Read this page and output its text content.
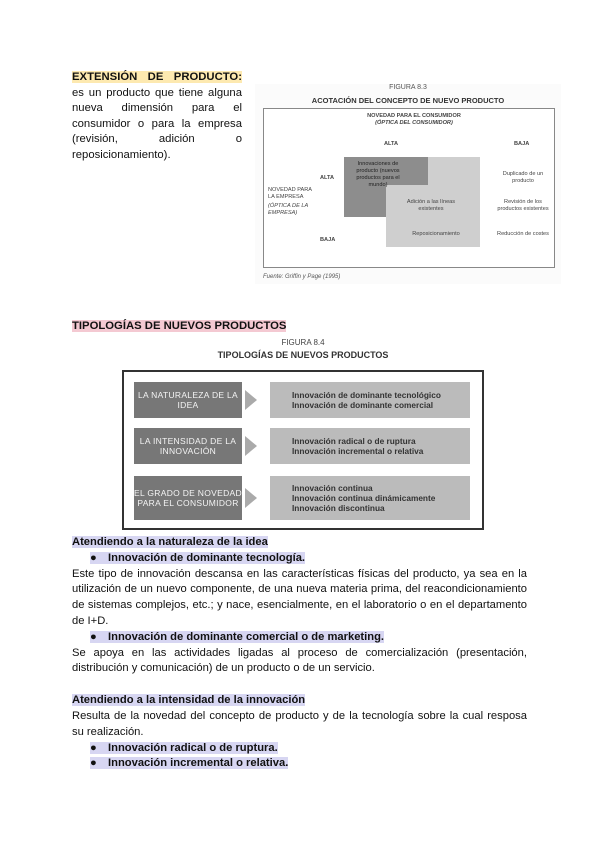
EXTENSIÓN DE PRODUCTO: es un producto que tiene alguna nueva dimensión para el consumidor o para la empresa (revisión, adición o reposicionamiento).
FIGURA 8.3
ACOTACIÓN DEL CONCEPTO DE NUEVO PRODUCTO
NOVEDAD PARA EL CONSUMIDOR
(ÓPTICA DEL CONSUMIDOR)
ALTA	BAJA
ALTA
BAJA
NOVEDAD PARA LA EMPRESA
(ÓPTICA DE LA EMPRESA)
Innovaciones de producto (nuevos productos para el mundo)
Duplicado de un producto
Adición a las líneas existentes
Revisión de los productos existentes
Reposicionamiento	Reducción de costes
Fuente: Griffin y Page (1995)
TIPOLOGÍAS DE NUEVOS PRODUCTOS
FIGURA 8.4
TIPOLOGÍAS DE NUEVOS PRODUCTOS
LA NATURALEZA DE LA IDEA
Innovación de dominante tecnológico
Innovación de dominante comercial
LA INTENSIDAD DE LA INNOVACIÓN
Innovación radical o de ruptura
Innovación incremental o relativa
EL GRADO DE NOVEDAD PARA EL CONSUMIDOR
Innovación continua
Innovación continua dinámicamente
Innovación discontinua
Atendiendo a la naturaleza de la idea
● Innovación de dominante tecnología.

Este tipo de innovación descansa en las características físicas del producto, ya sea en la utilización de un nuevo componente, de una nueva materia prima, del reacondicionamiento de sistemas complejos, etc.; y nace, esencialmente, en el laboratorio o en el departamento de I+D.

● Innovación de dominante comercial o de marketing.

Se apoya en las actividades ligadas al proceso de comercialización (presentación, distribución y comunicación) de un producto o de un servicio.

Atendiendo a la intensidad de la innovación

Resulta de la novedad del concepto de producto y de la tecnología sobre la cual resposa su realización.

● Innovación radical o de ruptura.
● Innovación incremental o relativa.
